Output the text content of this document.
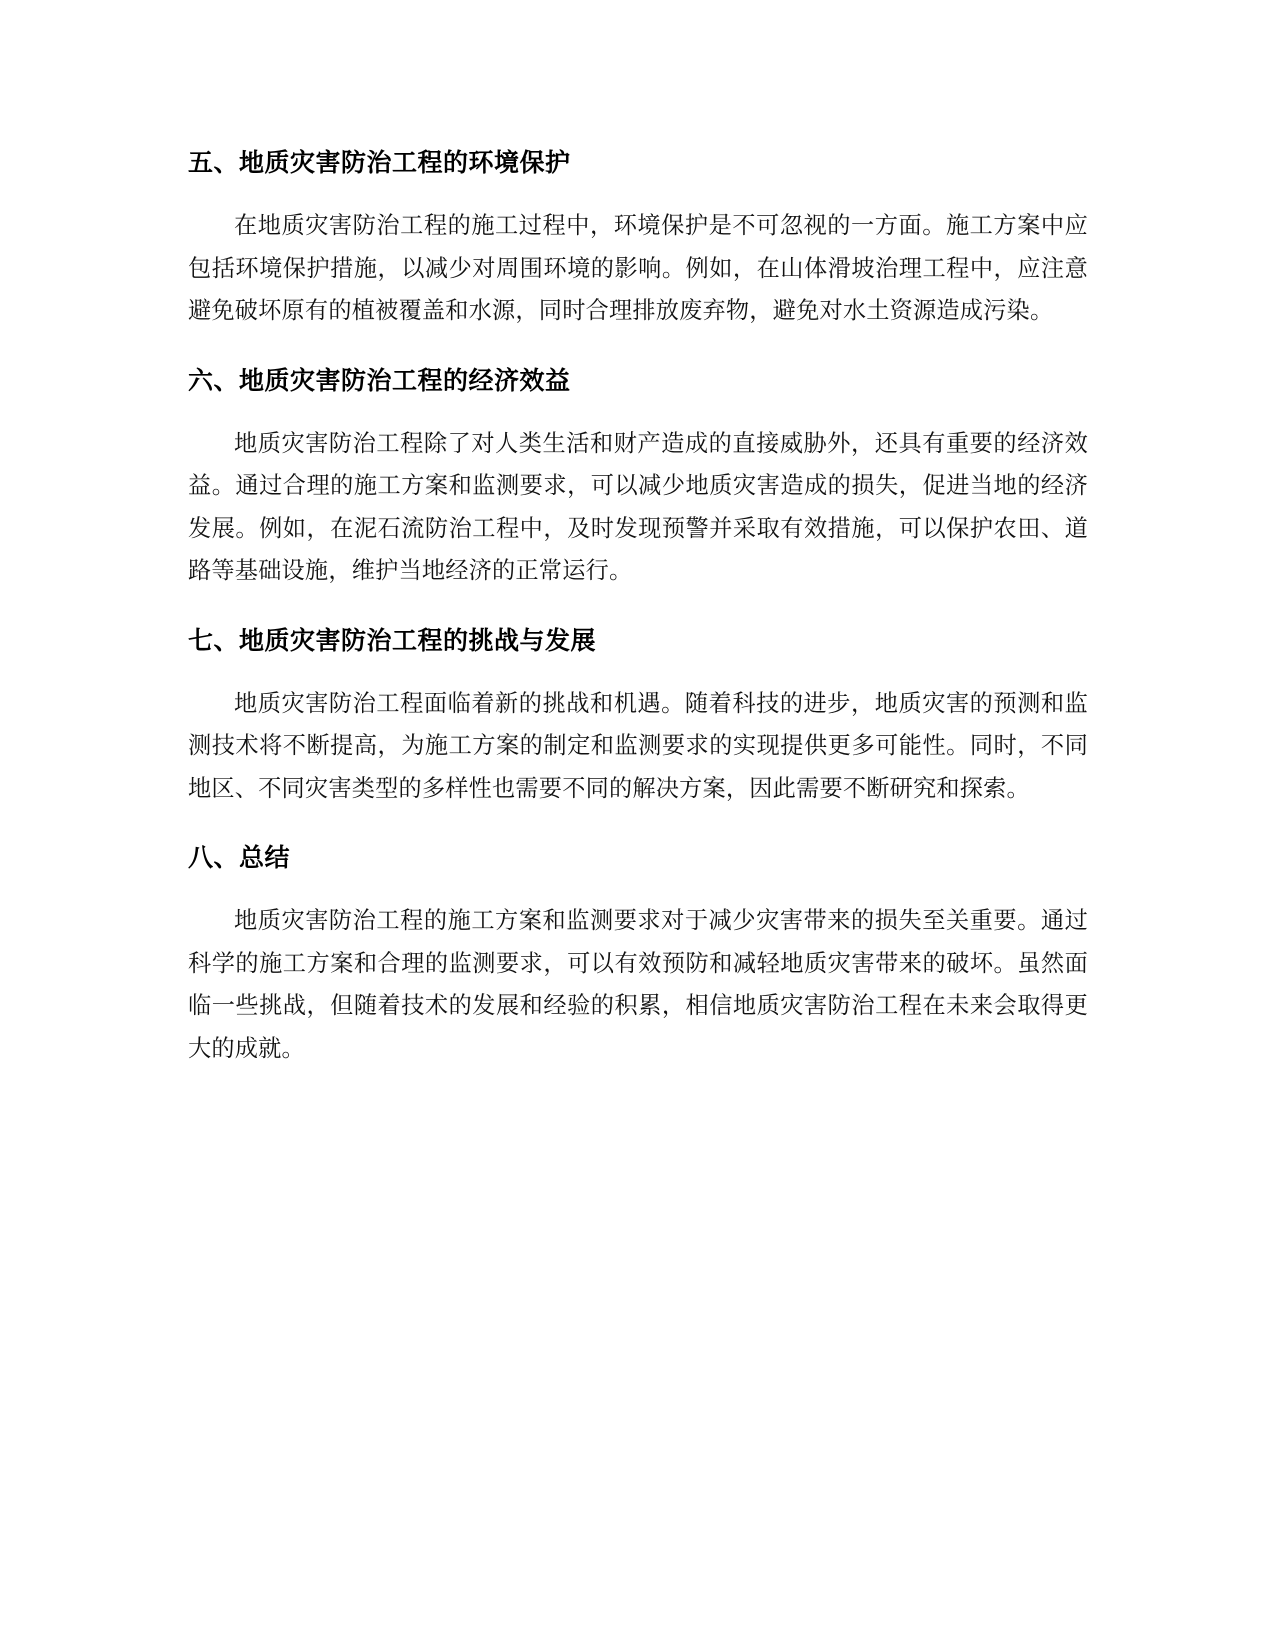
五、地质灾害防治工程的环境保护

在地质灾害防治工程的施工过程中，环境保护是不可忽视的一方面。施工方案中应包括环境保护措施，以减少对周围环境的影响。例如，在山体滑坡治理工程中，应注意避免破坏原有的植被覆盖和水源，同时合理排放废弃物，避免对水土资源造成污染。

六、地质灾害防治工程的经济效益

地质灾害防治工程除了对人类生活和财产造成的直接威胁外，还具有重要的经济效益。通过合理的施工方案和监测要求，可以减少地质灾害造成的损失，促进当地的经济发展。例如，在泥石流防治工程中，及时发现预警并采取有效措施，可以保护农田、道路等基础设施，维护当地经济的正常运行。

七、地质灾害防治工程的挑战与发展

地质灾害防治工程面临着新的挑战和机遇。随着科技的进步，地质灾害的预测和监测技术将不断提高，为施工方案的制定和监测要求的实现提供更多可能性。同时，不同地区、不同灾害类型的多样性也需要不同的解决方案，因此需要不断研究和探索。

八、总结

地质灾害防治工程的施工方案和监测要求对于减少灾害带来的损失至关重要。通过科学的施工方案和合理的监测要求，可以有效预防和减轻地质灾害带来的破坏。虽然面临一些挑战，但随着技术的发展和经验的积累，相信地质灾害防治工程在未来会取得更大的成就。
